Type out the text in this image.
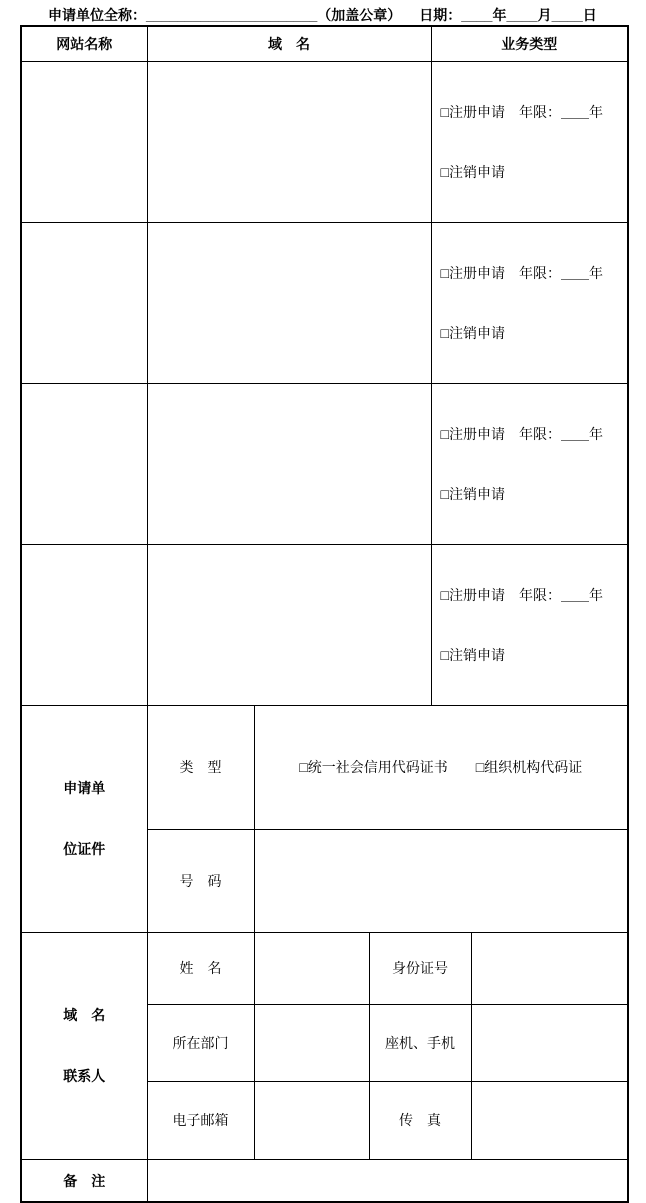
申请单位全称：______________________（加盖公章） 日期：____年____月____日
网站名称	域　名			业务类型	

				□注册申请　年限：＿＿年

□注销申请	

				□注册申请　年限：＿＿年

□注销申请	

				□注册申请　年限：＿＿年

□注销申请	

				□注册申请　年限：＿＿年

□注销申请	

申请单

位证件	类　型	□统一社会信用代码证书 □组织机构代码证			
	号　码				

域　名

联系人	姓　名		身份证号		
	所在部门		座机、手机		
	电子邮箱		传　真		
备　注					
